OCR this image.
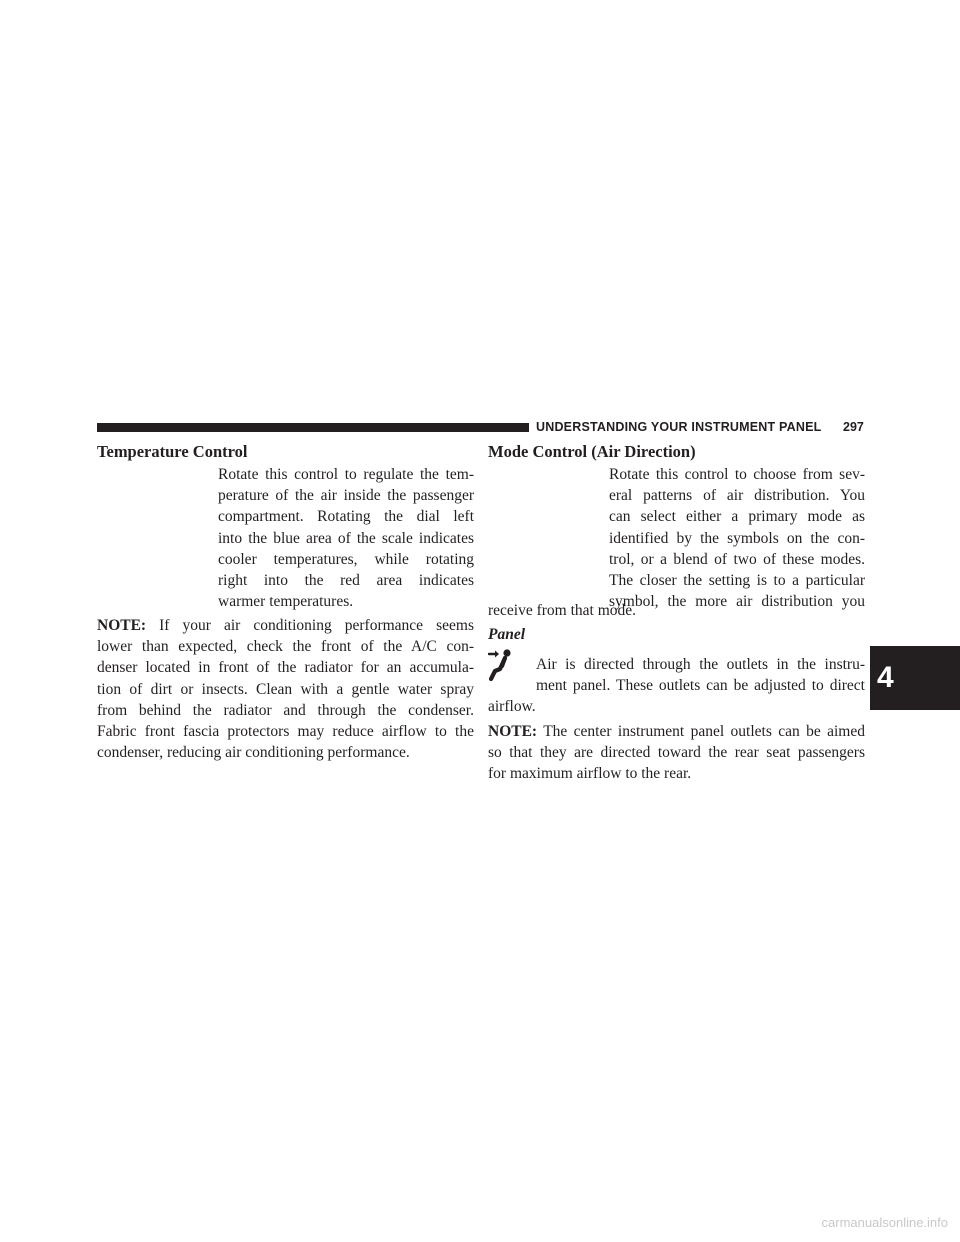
UNDERSTANDING YOUR INSTRUMENT PANEL 297
4
Temperature Control
Rotate this control to regulate the tem-
perature of the air inside the passenger
compartment. Rotating the dial left
into the blue area of the scale indicates
cooler temperatures, while rotating
right into the red area indicates
warmer temperatures.
NOTE: If your air conditioning performance seems
lower than expected, check the front of the A/C con-
denser located in front of the radiator for an accumula-
tion of dirt or insects. Clean with a gentle water spray
from behind the radiator and through the condenser.
Fabric front fascia protectors may reduce airflow to the
condenser, reducing air conditioning performance.
Mode Control (Air Direction)
Rotate this control to choose from sev-
eral patterns of air distribution. You
can select either a primary mode as
identified by the symbols on the con-
trol, or a blend of two of these modes.
The closer the setting is to a particular
symbol, the more air distribution you
receive from that mode.
Panel
Air is directed through the outlets in the instru-
ment panel. These outlets can be adjusted to direct
airflow.
NOTE: The center instrument panel outlets can be aimed
so that they are directed toward the rear seat passengers
for maximum airflow to the rear.
carmanualsonline.info
